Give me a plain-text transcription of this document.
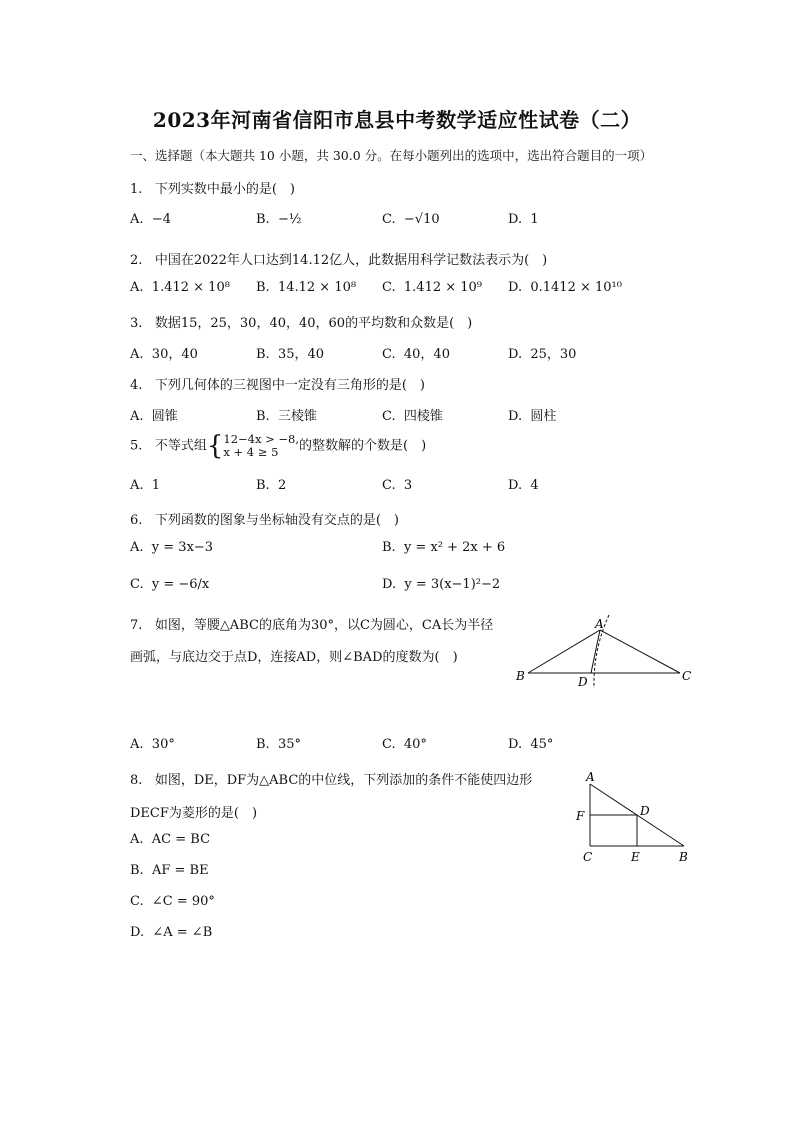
2023年河南省信阳市息县中考数学适应性试卷（二）
一、选择题（本大题共 10 小题，共 30.0 分。在每小题列出的选项中，选出符合题目的一项）
1. 下列实数中最小的是(　)
A. −4	B. −½	C. −√10	D. 1
2. 中国在2022年人口达到14.12亿人，此数据用科学记数法表示为(　)
A. 1.412 × 10⁸ B. 14.12 × 10⁸ C. 1.412 × 10⁹ D. 0.1412 × 10¹⁰
3. 数据15，25，30，40，40，60的平均数和众数是(　)
A. 30，40	B. 35，40	C. 40，40	D. 25，30
4. 下列几何体的三视图中一定没有三角形的是(　)
A. 圆锥	B. 三棱锥	C. 四棱锥	D. 圆柱
5. 不等式组{12−4x > −8,
x + 4 ≥ 5 的整数解的个数是(　)
A. 1	B. 2	C. 3	D. 4
6. 下列函数的图象与坐标轴没有交点的是(　)
A. y = 3x−3	B. y = x² + 2x + 6
C. y = −6/x	D. y = 3(x−1)²−2
7. 如图，等腰△ABC的底角为30°，以C为圆心，CA长为半径
画弧，与底边交于点D，连接AD，则∠BAD的度数为(　)
A
B	C
D
A. 30°	B. 35°	C. 40°	D. 45°
8. 如图，DE，DF为△ABC的中位线，下列添加的条件不能使四边形
DECF为菱形的是(　)
A
F	D
C	E	B
A. AC = BC
B. AF = BE
C. ∠C = 90°
D. ∠A = ∠B
